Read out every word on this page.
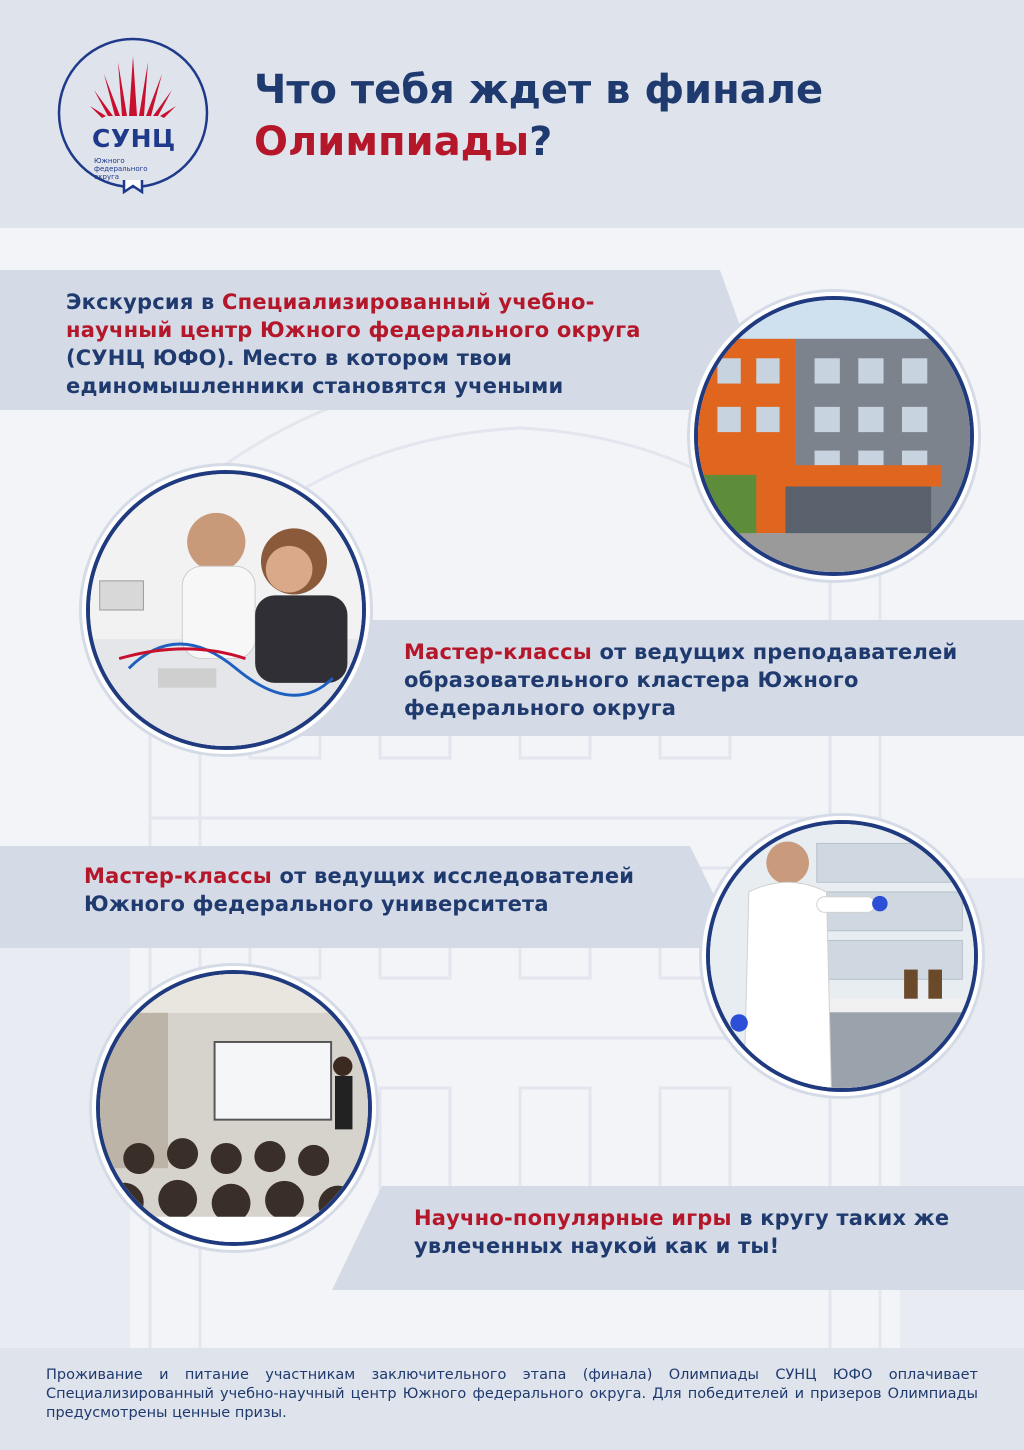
СУНЦ
Южного федерального округа
Что тебя ждет в финале
Олимпиады?
Экскурсия в Специализированный учебно-научный центр Южного федерального округа (СУНЦ ЮФО). Место в котором твои единомышленники становятся учеными
Мастер-классы от ведущих преподавателей образовательного кластера Южного федерального округа
Мастер-классы от ведущих исследователей Южного федерального университета
Научно-популярные игры в кругу таких же увлеченных наукой как и ты!
Проживание и питание участникам заключительного этапа (финала) Олимпиады СУНЦ ЮФО оплачивает Специализированный учебно-научный центр Южного федерального округа. Для победителей и призеров Олимпиады предусмотрены ценные призы.
